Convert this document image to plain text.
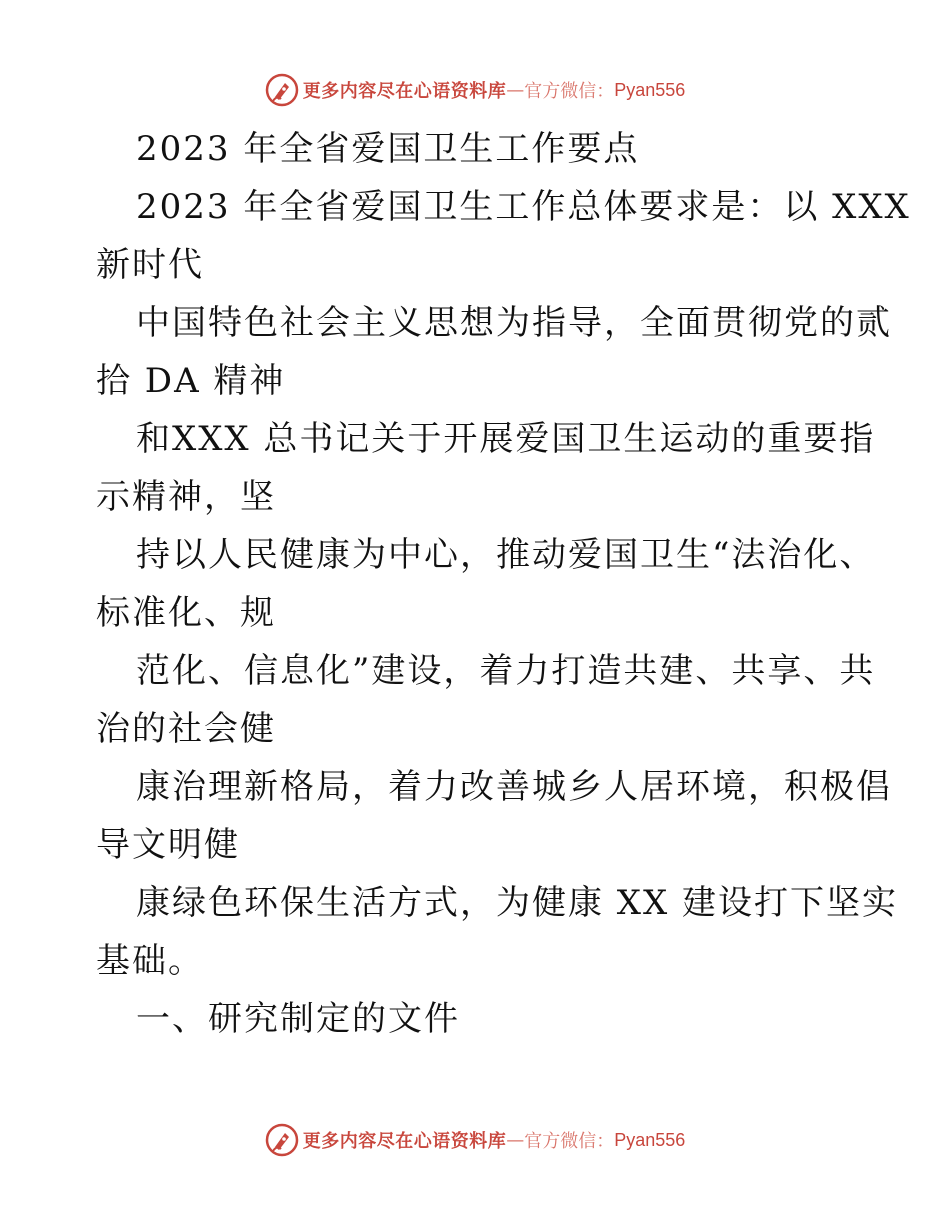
更多内容尽在心语资料库 — 官方微信： Pyan556
2023 年全省爱国卫生工作要点
2023 年全省爱国卫生工作总体要求是：以 XXX
新时代
中国特色社会主义思想为指导，全面贯彻党的贰
拾 DA 精神
和XXX 总书记关于开展爱国卫生运动的重要指
示精神，坚
持以人民健康为中心，推动爱国卫生“法治化、
标准化、规
范化、信息化”建设，着力打造共建、共享、共
治的社会健
康治理新格局，着力改善城乡人居环境，积极倡
导文明健
康绿色环保生活方式，为健康 XX 建设打下坚实
基础。
一、研究制定的文件
更多内容尽在心语资料库 — 官方微信： Pyan556
